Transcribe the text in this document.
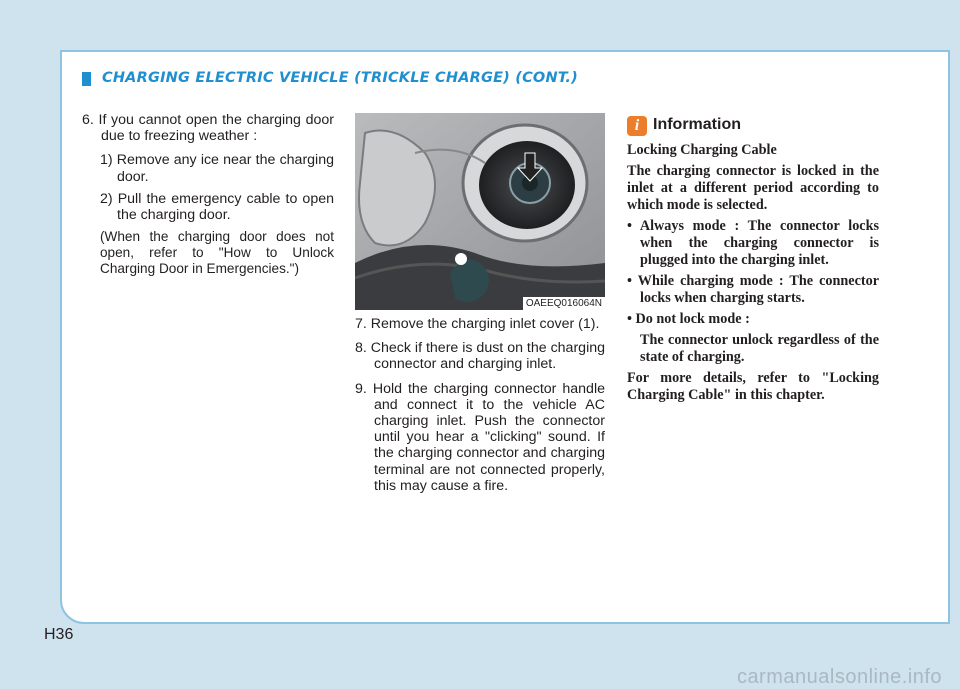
CHARGING ELECTRIC VEHICLE (TRICKLE CHARGE) (CONT.)

6. If you cannot open the charging door due to freezing weather :

1) Remove any ice near the charging door.

2) Pull the emergency cable to open the charging door.

(When the charging door does not open, refer to "How to Unlock Charging Door in Emergencies.")

OAEEQ016064N

7. Remove the charging inlet cover (1).

8. Check if there is dust on the charging connector and charging inlet.

9. Hold the charging connector handle and connect it to the vehicle AC charging inlet. Push the connector until you hear a "clicking" sound. If the charging connector and charging terminal are not connected properly, this may cause a fire.

i Information

Locking Charging Cable

The charging connector is locked in the inlet at a different period according to which mode is selected.

• Always mode : The connector locks when the charging connector is plugged into the charging inlet.

• While charging mode : The connector locks when charging starts.

• Do not lock mode :

The connector unlock regardless of the state of charging.

For more details, refer to "Locking Charging Cable" in this chapter.

H36
carmanualsonline.info
